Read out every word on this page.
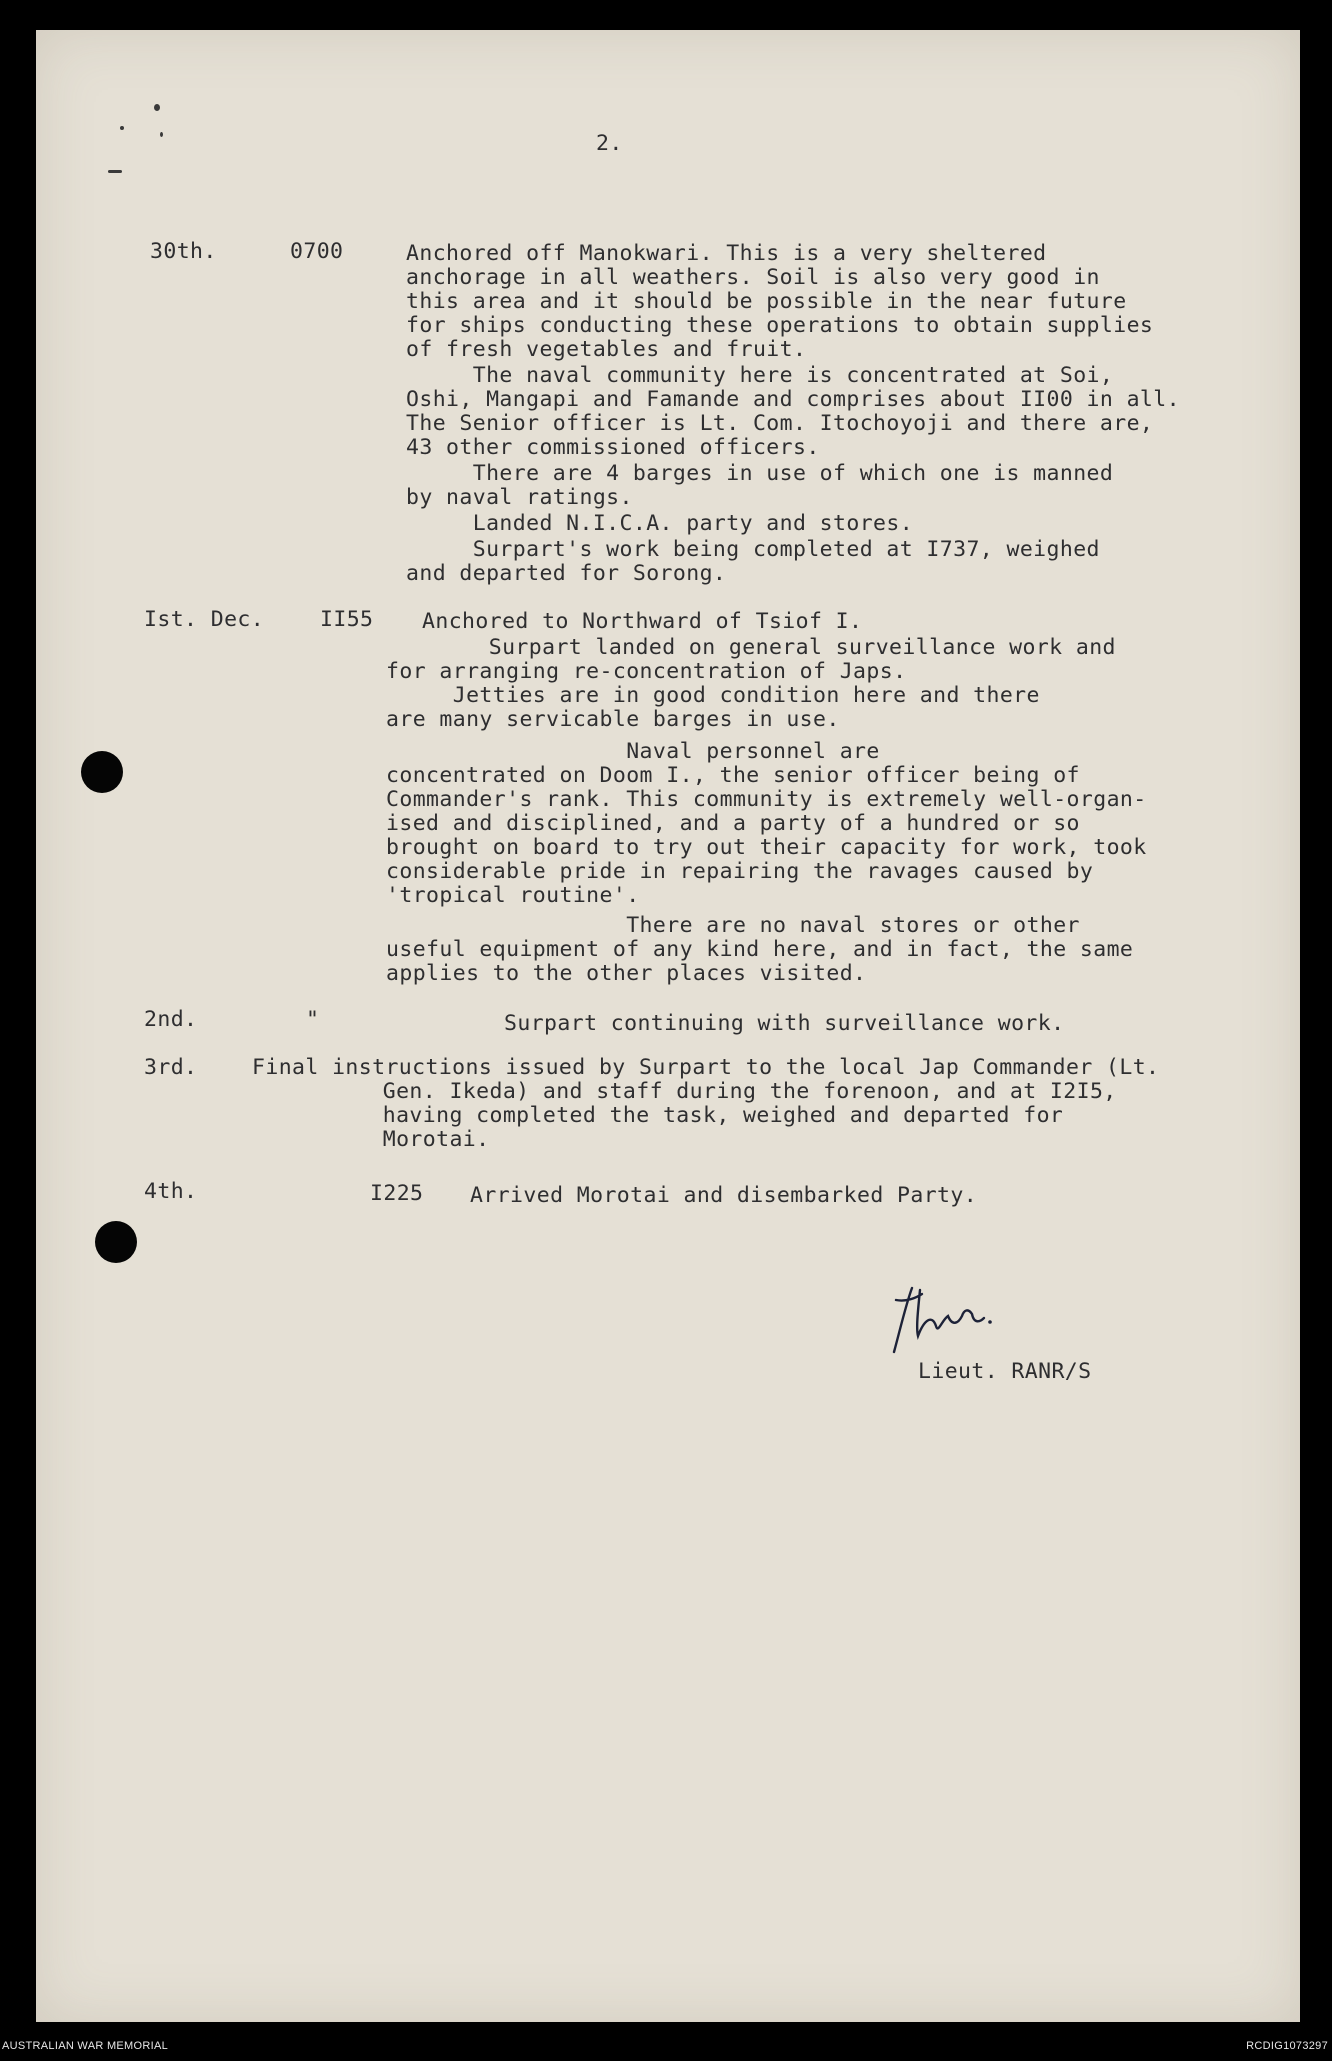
2.
30th.	0700	Anchored off Manokwari. This is a very sheltered
anchorage in all weathers. Soil is also very good in
this area and it should be possible in the near future
for ships conducting these operations to obtain supplies
of fresh vegetables and fruit.
The naval community here is concentrated at Soi,
Oshi, Mangapi and Famande and comprises about II00 in all.
The Senior officer is Lt. Com. Itochoyoji and there are,
43 other commissioned officers.
There are 4 barges in use of which one is manned
by naval ratings.
Landed N.I.C.A. party and stores.
Surpart's work being completed at I737, weighed
and departed for Sorong.
Ist. Dec.	II55 Anchored to Northward of Tsiof I.
Surpart landed on general surveillance work and
for arranging re-concentration of Japs.
Jetties are in good condition here and there
are many servicable barges in use.
Naval personnel are
concentrated on Doom I., the senior officer being of
Commander's rank. This community is extremely well-organ-
ised and disciplined, and a party of a hundred or so
brought on board to try out their capacity for work, took
considerable pride in repairing the ravages caused by
'tropical routine'.
There are no naval stores or other
useful equipment of any kind here, and in fact, the same
applies to the other places visited.
2nd.	"	Surpart continuing with surveillance work.
3rd.	Final instructions issued by Surpart to the local Jap Commander (Lt.
Gen. Ikeda) and staff during the forenoon, and at I2I5,
having completed the task, weighed and departed for
Morotai.
4th.	I225 Arrived Morotai and disembarked Party.
Lieut. RANR/S
AUSTRALIAN WAR MEMORIAL	RCDIG1073297
